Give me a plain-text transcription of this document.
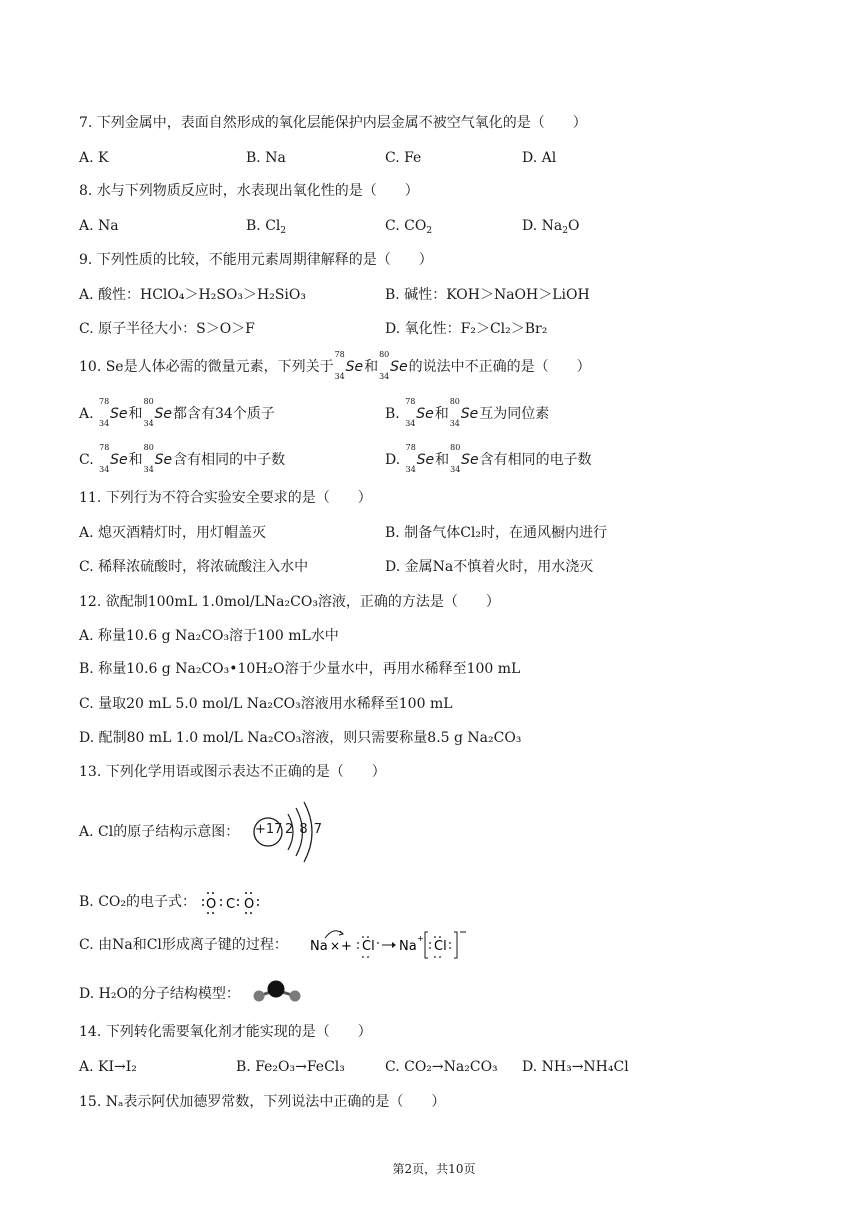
7. 下列金属中，表面自然形成的氧化层能保护内层金属不被空气氧化的是（　　）
A. K	B. Na	C. Fe	D. Al
8. 水与下列物质反应时，水表现出氧化性的是（　　）
A. Na	B. $Cl_2$	C. $CO_2$	D. $Na_2O$
9. 下列性质的比较，不能用元素周期律解释的是（　　）
A. 酸性：HClO₄＞H₂SO₃＞H₂SiO₃	B. 碱性：KOH＞NaOH＞LiOH
C. 原子半径大小：S＞O＞F	D. 氧化性：F₂＞Cl₂＞Br₂
10. Se是人体必需的微量元素，下列关于
78
34
Se和
80
34
Se的说法中不正确的是（　　）
A.
78
34
Se和
80
34
Se都含有34个质子	B.
78
34
Se和
80
34
Se互为同位素
C.
78
34
Se和
80
34
Se含有相同的中子数	D.
78
34
Se和
80
34
Se含有相同的电子数
11. 下列行为不符合实验安全要求的是（　　）
A. 熄灭酒精灯时，用灯帽盖灭	B. 制备气体Cl₂时，在通风橱内进行
C. 稀释浓硫酸时，将浓硫酸注入水中	D. 金属Na不慎着火时，用水浇灭
12. 欲配制100mL 1.0mol/LNa₂CO₃溶液，正确的方法是（　　）
A. 称量10.6 g Na₂CO₃溶于100 mL水中
B. 称量10.6 g Na₂CO₃•10H₂O溶于少量水中，再用水稀释至100 mL
C. 量取20 mL 5.0 mol/L Na₂CO₃溶液用水稀释至100 mL
D. 配制80 mL 1.0 mol/L Na₂CO₃溶液，则只需要称量8.5 g Na₂CO₃
13. 下列化学用语或图示表达不正确的是（　　）
A. Cl的原子结构示意图： +17 2 8 7
B. CO₂的电子式： O C O
C. 由Na和Cl形成离子键的过程： Na × + Cl Na
+
Cl
D. H₂O的分子结构模型：
14. 下列转化需要氧化剂才能实现的是（　　）
A. KI→I₂	B. Fe₂O₃→FeCl₃	C. CO₂→Na₂CO₃ D. NH₃→NH₄Cl
15. Nₐ表示阿伏加德罗常数，下列说法中正确的是（　　）
第2页，共10页
